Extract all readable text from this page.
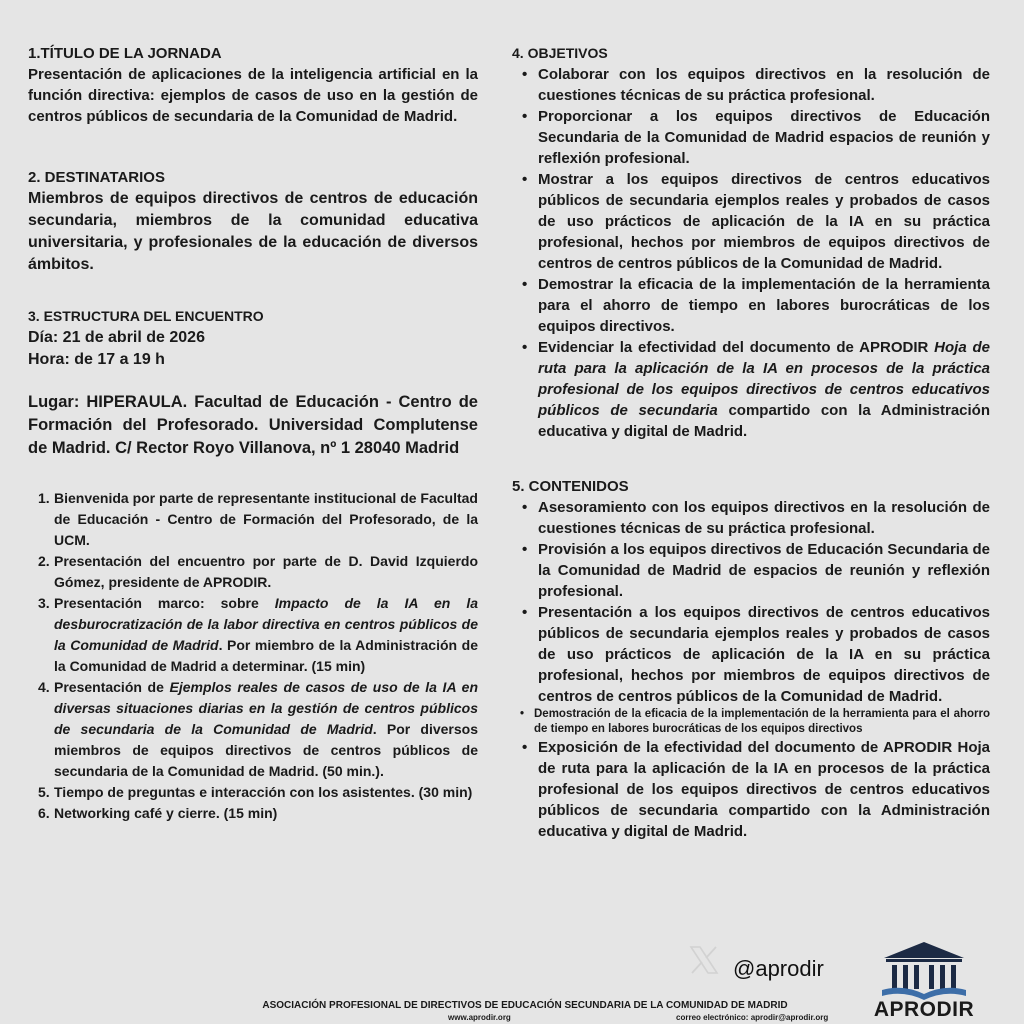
1.TÍTULO DE LA JORNADA
Presentación de aplicaciones de la inteligencia artificial en la función directiva: ejemplos de casos de uso en la gestión de centros públicos de secundaria de la Comunidad de Madrid.
2. DESTINATARIOS
Miembros de equipos directivos de centros de educación secundaria, miembros de la comunidad educativa universitaria, y profesionales de la educación de diversos ámbitos.
3. ESTRUCTURA DEL ENCUENTRO
Día: 21 de abril de 2026
Hora: de 17 a 19 h
Lugar: HIPERAULA. Facultad de Educación - Centro de Formación del Profesorado. Universidad Complutense de Madrid. C/ Rector Royo Villanova, nº 1 28040 Madrid
1. Bienvenida por parte de representante institucional de Facultad de Educación - Centro de Formación del Profesorado, de la UCM.
2. Presentación del encuentro por parte de D. David Izquierdo Gómez, presidente de APRODIR.
3. Presentación marco: sobre Impacto de la IA en la desburocratización de la labor directiva en centros públicos de la Comunidad de Madrid. Por miembro de la Administración de la Comunidad de Madrid a determinar. (15 min)
4. Presentación de Ejemplos reales de casos de uso de la IA en diversas situaciones diarias en la gestión de centros públicos de secundaria de la Comunidad de Madrid. Por diversos miembros de equipos directivos de centros públicos de secundaria de la Comunidad de Madrid. (50 min.).
5. Tiempo de preguntas e interacción con los asistentes. (30 min)
6. Networking café y cierre. (15 min)
4. OBJETIVOS
• Colaborar con los equipos directivos en la resolución de cuestiones técnicas de su práctica profesional.
• Proporcionar a los equipos directivos de Educación Secundaria de la Comunidad de Madrid espacios de reunión y reflexión profesional.
• Mostrar a los equipos directivos de centros educativos públicos de secundaria ejemplos reales y probados de casos de uso prácticos de aplicación de la IA en su práctica profesional, hechos por miembros de equipos directivos de centros de centros públicos de la Comunidad de Madrid.
• Demostrar la eficacia de la implementación de la herramienta para el ahorro de tiempo en labores burocráticas de los equipos directivos.
• Evidenciar la efectividad del documento de APRODIR Hoja de ruta para la aplicación de la IA en procesos de la práctica profesional de los equipos directivos de centros educativos públicos de secundaria compartido con la Administración educativa y digital de Madrid.
5. CONTENIDOS
• Asesoramiento con los equipos directivos en la resolución de cuestiones técnicas de su práctica profesional.
• Provisión a los equipos directivos de Educación Secundaria de la Comunidad de Madrid de espacios de reunión y reflexión profesional.
• Presentación a los equipos directivos de centros educativos públicos de secundaria ejemplos reales y probados de casos de uso prácticos de aplicación de la IA en su práctica profesional, hechos por miembros de equipos directivos de centros de centros públicos de la Comunidad de Madrid.
• Demostración de la eficacia de la implementación de la herramienta para el ahorro de tiempo en labores burocráticas de los equipos directivos
• Exposición de la efectividad del documento de APRODIR Hoja de ruta para la aplicación de la IA en procesos de la práctica profesional de los equipos directivos de centros educativos públicos de secundaria compartido con la Administración educativa y digital de Madrid.
@aprodir
APRODIR
ASOCIACIÓN PROFESIONAL DE DIRECTIVOS DE EDUCACIÓN SECUNDARIA DE LA COMUNIDAD DE MADRID
www.aprodir.org	correo electrónico: aprodir@aprodir.org
